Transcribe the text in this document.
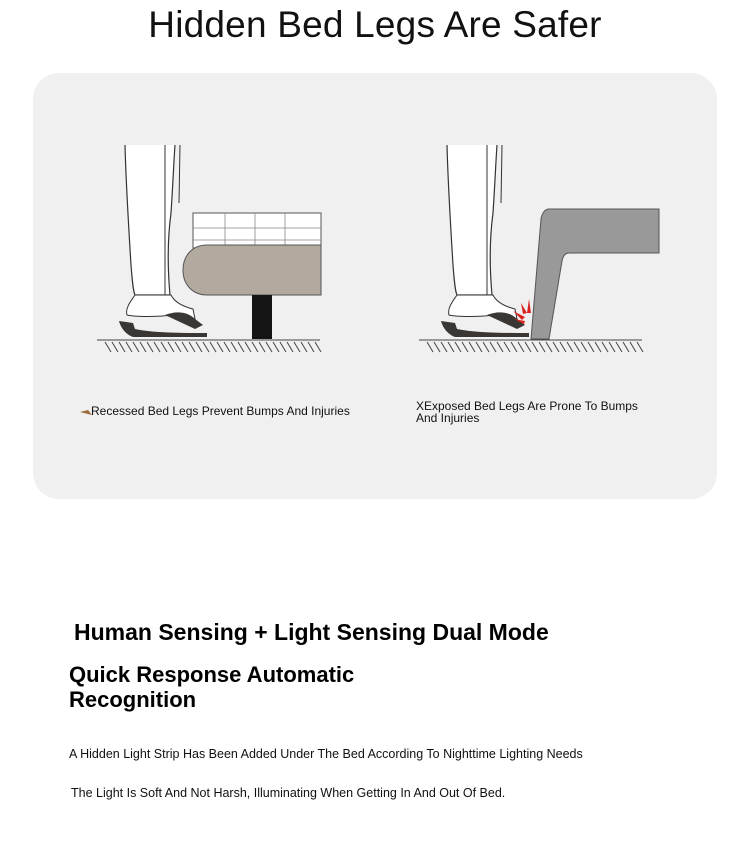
Hidden Bed Legs Are Safer
Recessed Bed Legs Prevent Bumps And Injuries	XExposed Bed Legs Are Prone To Bumps
And Injuries
Human Sensing + Light Sensing Dual Mode
Quick Response Automatic
Recognition
A Hidden Light Strip Has Been Added Under The Bed According To Nighttime Lighting Needs
The Light Is Soft And Not Harsh, Illuminating When Getting In And Out Of Bed.
